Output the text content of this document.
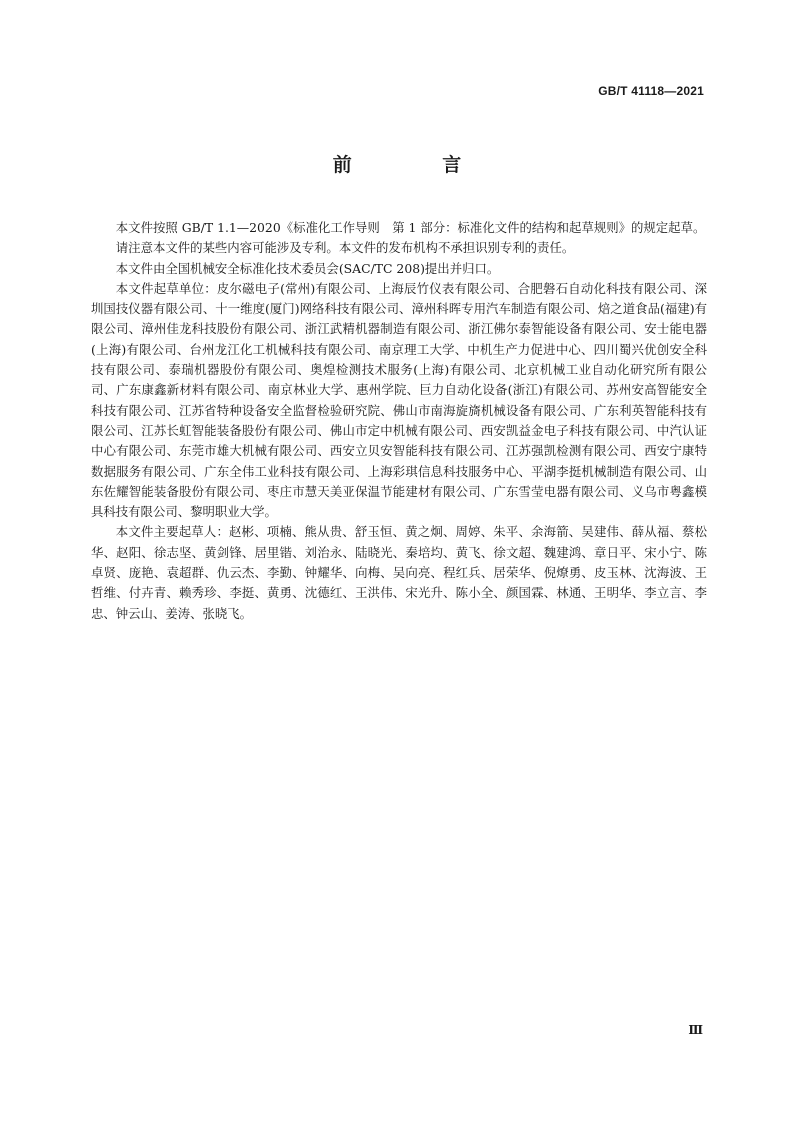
GB/T 41118—2021
前 言

本文件按照 GB/T 1.1—2020《标准化工作导则　第 1 部分：标准化文件的结构和起草规则》的规定起草。

请注意本文件的某些内容可能涉及专利。本文件的发布机构不承担识别专利的责任。

本文件由全国机械安全标准化技术委员会(SAC/TC 208)提出并归口。

本文件起草单位：皮尔磁电子(常州)有限公司、上海辰竹仪表有限公司、合肥磐石自动化科技有限公司、深圳国技仪器有限公司、十一维度(厦门)网络科技有限公司、漳州科晖专用汽车制造有限公司、焙之道食品(福建)有限公司、漳州佳龙科技股份有限公司、浙江武精机器制造有限公司、浙江佛尔泰智能设备有限公司、安士能电器(上海)有限公司、台州龙江化工机械科技有限公司、南京理工大学、中机生产力促进中心、四川蜀兴优创安全科技有限公司、泰瑞机器股份有限公司、奥煌检测技术服务(上海)有限公司、北京机械工业自动化研究所有限公司、广东康鑫新材料有限公司、南京林业大学、惠州学院、巨力自动化设备(浙江)有限公司、苏州安高智能安全科技有限公司、江苏省特种设备安全监督检验研究院、佛山市南海旋旖机械设备有限公司、广东利英智能科技有限公司、江苏长虹智能装备股份有限公司、佛山市定中机械有限公司、西安凯益金电子科技有限公司、中汽认证中心有限公司、东莞市雄大机械有限公司、西安立贝安智能科技有限公司、江苏强凯检测有限公司、西安宁康特数据服务有限公司、广东全伟工业科技有限公司、上海彩琪信息科技服务中心、平湖李挺机械制造有限公司、山东佐耀智能装备股份有限公司、枣庄市慧天美亚保温节能建材有限公司、广东雪莹电器有限公司、义乌市粤鑫模具科技有限公司、黎明职业大学。

本文件主要起草人：赵彬、项楠、熊从贵、舒玉恒、黄之炯、周婷、朱平、余海箭、吴建伟、薛从福、蔡松华、赵阳、徐志坚、黄剑锋、居里锴、刘治永、陆晓光、秦培均、黄飞、徐文超、魏建鸿、章日平、宋小宁、陈卓贤、庞艳、袁超群、仇云杰、李勤、钟耀华、向梅、吴向亮、程红兵、居荣华、倪燎勇、皮玉林、沈海波、王哲维、付卉青、赖秀珍、李挺、黄勇、沈德红、王洪伟、宋光升、陈小全、颜国霖、林通、王明华、李立言、李忠、钟云山、姜涛、张晓飞。

Ⅲ
